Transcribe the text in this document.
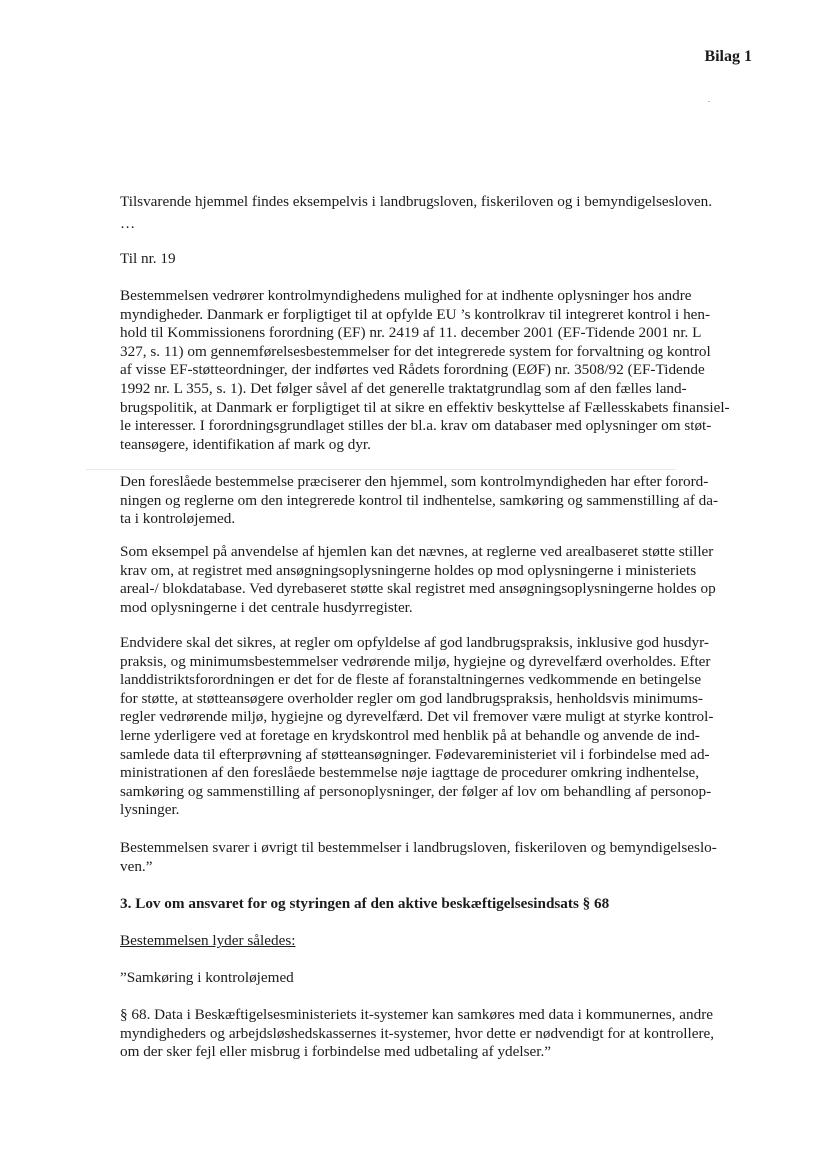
Bilag 1

Tilsvarende hjemmel findes eksempelvis i landbrugsloven, fiskeriloven og i bemyndigelsesloven.

…

Til nr. 19

Bestemmelsen vedrører kontrolmyndighedens mulighed for at indhente oplysninger hos andre
myndigheder. Danmark er forpligtiget til at opfylde EU ’s kontrolkrav til integreret kontrol i hen-
hold til Kommissionens forordning (EF) nr. 2419 af 11. december 2001 (EF-Tidende 2001 nr. L
327, s. 11) om gennemførelsesbestemmelser for det integrerede system for forvaltning og kontrol
af visse EF-støtteordninger, der indførtes ved Rådets forordning (EØF) nr. 3508/92 (EF-Tidende
1992 nr. L 355, s. 1). Det følger såvel af det generelle traktatgrundlag som af den fælles land-
brugspolitik, at Danmark er forpligtiget til at sikre en effektiv beskyttelse af Fællesskabets finansiel-
le interesser. I forordningsgrundlaget stilles der bl.a. krav om databaser med oplysninger om støt-
teansøgere, identifikation af mark og dyr.

Den foreslåede bestemmelse præciserer den hjemmel, som kontrolmyndigheden har efter forord-
ningen og reglerne om den integrerede kontrol til indhentelse, samkøring og sammenstilling af da-
ta i kontroløjemed.

Som eksempel på anvendelse af hjemlen kan det nævnes, at reglerne ved arealbaseret støtte stiller
krav om, at registret med ansøgningsoplysningerne holdes op mod oplysningerne i ministeriets
areal-/ blokdatabase. Ved dyrebaseret støtte skal registret med ansøgningsoplysningerne holdes op
mod oplysningerne i det centrale husdyrregister.

Endvidere skal det sikres, at regler om opfyldelse af god landbrugspraksis, inklusive god husdyr-
praksis, og minimumsbestemmelser vedrørende miljø, hygiejne og dyrevelfærd overholdes. Efter
landdistriktsforordningen er det for de fleste af foranstaltningernes vedkommende en betingelse
for støtte, at støtteansøgere overholder regler om god landbrugspraksis, henholdsvis minimums-
regler vedrørende miljø, hygiejne og dyrevelfærd. Det vil fremover være muligt at styrke kontrol-
lerne yderligere ved at foretage en krydskontrol med henblik på at behandle og anvende de ind-
samlede data til efterprøvning af støtteansøgninger. Fødevareministeriet vil i forbindelse med ad-
ministrationen af den foreslåede bestemmelse nøje iagttage de procedurer omkring indhentelse,
samkøring og sammenstilling af personoplysninger, der følger af lov om behandling af personop-
lysninger.

Bestemmelsen svarer i øvrigt til bestemmelser i landbrugsloven, fiskeriloven og bemyndigelseslo-
ven.”

3. Lov om ansvaret for og styringen af den aktive beskæftigelsesindsats § 68

Bestemmelsen lyder således:

”Samkøring i kontroløjemed

§ 68. Data i Beskæftigelsesministeriets it-systemer kan samkøres med data i kommunernes, andre
myndigheders og arbejdsløshedskassernes it-systemer, hvor dette er nødvendigt for at kontrollere,
om der sker fejl eller misbrug i forbindelse med udbetaling af ydelser.”
